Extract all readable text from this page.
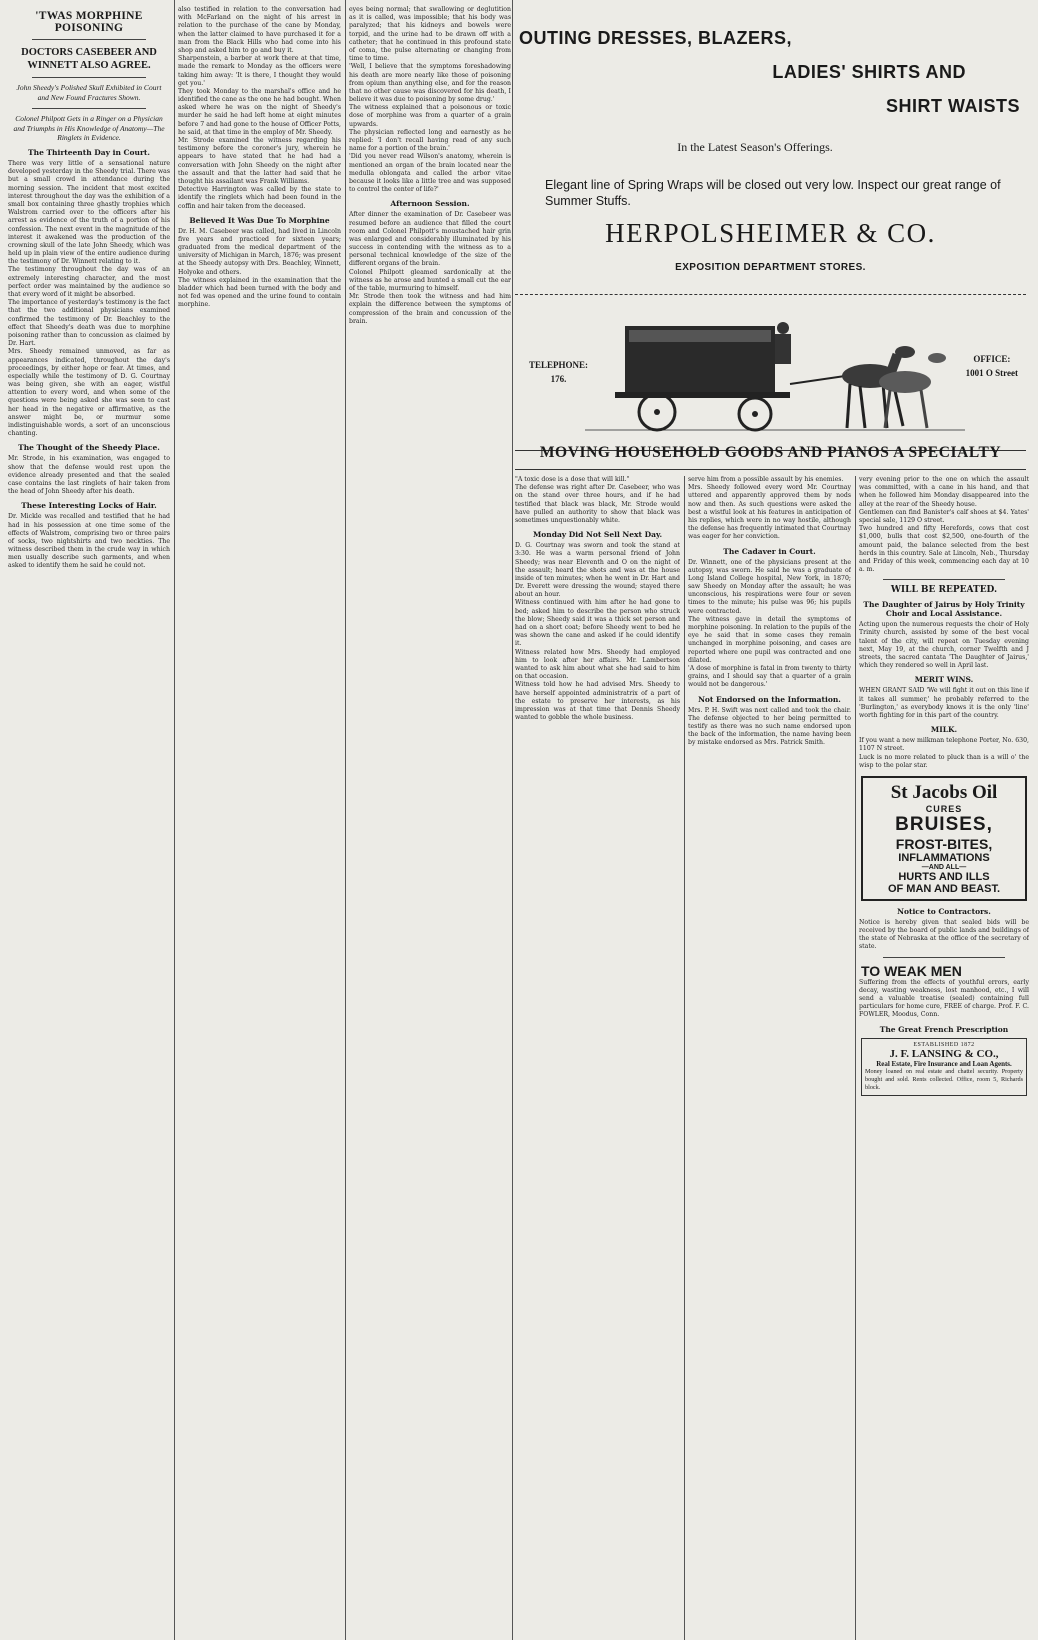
'TWAS MORPHINE POISONING
DOCTORS CASEBEER AND WINNETT ALSO AGREE.
John Sheedy's Polished Skull Exhibited in Court and New Found Fractures Shown.
Colonel Philpott Gets in a Ringer on a Physician and Triumphs in His Knowledge of Anatomy—The Ringlets in Evidence.
The Thirteenth Day in Court.

There was very little of a sensational nature developed yesterday in the Sheedy trial. There was but a small crowd in attendance during the morning session. The incident that most excited interest throughout the day was the exhibition of a small box containing three ghastly trophies which Walstrom carried over to the officers after his arrest as evidence of the truth of a portion of his confession. The next event in the magnitude of the interest it awakened was the production of the crowning skull of the late John Sheedy, which was held up in plain view of the entire audience during the testimony of Dr. Winnett relating to it.

The testimony throughout the day was of an extremely interesting character, and the most perfect order was maintained by the audience so that every word of it might be absorbed.

The importance of yesterday's testimony is the fact that the two additional physicians examined confirmed the testimony of Dr. Beachley to the effect that Sheedy's death was due to morphine poisoning rather than to concussion as claimed by Dr. Hart.

Mrs. Sheedy remained unmoved, as far as appearances indicated, throughout the day's proceedings, by either hope or fear. At times, and especially while the testimony of D. G. Courtnay was being given, she with an eager, wistful attention to every word, and when some of the questions were being asked she was seen to cast her head in the negative or affirmative, as the answer might be, or murmur some indistinguishable words, a sort of an unconscious chanting.

The Thought of the Sheedy Place.

Mr. Strode, in his examination, was engaged to show that the defense would rest upon the evidence already presented and that the sealed case contains the last ringlets of hair taken from the head of John Sheedy after his death.

These Interesting Locks of Hair.

Dr. Mickle was recalled and testified that he had had in his possession at one time some of the effects of Walstrom, comprising two or three pairs of socks, two nightshirts and two neckties. The witness described them in the crude way in which men usually describe such garments, and when asked to identify them he said he could not.

also testified in relation to the conversation had with McFarland on the night of his arrest in relation to the purchase of the cane by Monday, when the latter claimed to have purchased it for a man from the Black Hills who had come into his shop and asked him to go and buy it.

Sharpenstein, a barber at work there at that time, made the remark to Monday as the officers were taking him away: 'It is there, I thought they would get you.'

They took Monday to the marshal's office and he identified the cane as the one he had bought. When asked where he was on the night of Sheedy's murder he said he had left home at eight minutes before 7 and had gone to the house of Officer Potts, he said, at that time in the employ of Mr. Sheedy.

Mr. Strode examined the witness regarding his testimony before the coroner's jury, wherein he appears to have stated that he had had a conversation with John Sheedy on the night after the assault and that the latter had said that he thought his assailant was Frank Williams.

Detective Harrington was called by the state to identify the ringlets which had been found in the coffin and hair taken from the deceased.

Believed It Was Due To Morphine

Dr. H. M. Casebeer was called, had lived in Lincoln five years and practiced for sixteen years; graduated from the medical department of the university of Michigan in March, 1876; was present at the Sheedy autopsy with Drs. Beachley, Winnett, Holyoke and others.

The witness explained in the examination that the bladder which had been turned with the body and not fed was opened and the urine found to contain morphine.

eyes being normal; that swallowing or deglutition as it is called, was impossible; that his body was paralyzed; that his kidneys and bowels were torpid, and the urine had to be drawn off with a catheter; that he continued in this profound state of coma, the pulse alternating or changing from time to time.

'Well, I believe that the symptoms foreshadowing his death are more nearly like those of poisoning from opium than anything else, and for the reason that no other cause was discovered for his death, I believe it was due to poisoning by some drug.'

The witness explained that a poisonous or toxic dose of morphine was from a quarter of a grain upwards.

The physician reflected long and earnestly as he replied: 'I don't recall having read of any such name for a portion of the brain.'

'Did you never read Wilson's anatomy, wherein is mentioned an organ of the brain located near the medulla oblongata and called the arbor vitae because it looks like a little tree and was supposed to control the center of life?'

Afternoon Session.

After dinner the examination of Dr. Casebeer was resumed before an audience that filled the court room and Colonel Philpott's moustached hair grin was enlarged and considerably illuminated by his success in contending with the witness as to a personal technical knowledge of the size of the different organs of the brain.

Colonel Philpott gleamed sardonically at the witness as he arose and hunted a small cut the ear of the table, murmuring to himself.

Mr. Strode then took the witness and had him explain the difference between the symptoms of compression of the brain and concussion of the brain.

OUTING DRESSES, BLAZERS,
LADIES' SHIRTS AND
SHIRT WAISTS
In the Latest Season's Offerings.
Elegant line of Spring Wraps will be closed out very low. Inspect our great range of Summer Stuffs.
HERPOLSHEIMER & CO.
EXPOSITION DEPARTMENT STORES.
TELEPHONE:
176.
OFFICE:
1001 O Street
MOVING HOUSEHOLD GOODS AND PIANOS A SPECIALTY

"A toxic dose is a dose that will kill."

The defense was right after Dr. Casebeer, who was on the stand over three hours, and if he had testified that black was black, Mr. Strode would have pulled an authority to show that black was sometimes unquestionably white.

Monday Did Not Sell Next Day.

D. G. Courtnay was sworn and took the stand at 3:30. He was a warm personal friend of John Sheedy; was near Eleventh and O on the night of the assault; heard the shots and was at the house inside of ten minutes; when he went in Dr. Hart and Dr. Everett were dressing the wound; stayed there about an hour.

Witness continued with him after he had gone to bed; asked him to describe the person who struck the blow; Sheedy said it was a thick set person and had on a short coat; before Sheedy went to bed he was shown the cane and asked if he could identify it.

Witness related how Mrs. Sheedy had employed him to look after her affairs. Mr. Lambertson wanted to ask him about what she had said to him on that occasion.

Witness told how he had advised Mrs. Sheedy to have herself appointed administratrix of a part of the estate to preserve her interests, as his impression was at that time that Dennis Sheedy wanted to gobble the whole business.

serve him from a possible assault by his enemies.

Mrs. Sheedy followed every word Mr. Courtnay uttered and apparently approved them by nods now and then. As such questions were asked the best a wistful look at his features in anticipation of his replies, which were in no way hostile, although the defense has frequently intimated that Courtnay was eager for her conviction.

The Cadaver in Court.

Dr. Winnett, one of the physicians present at the autopsy, was sworn. He said he was a graduate of Long Island College hospital, New York, in 1870; saw Sheedy on Monday after the assault; he was unconscious, his respirations were four or seven times to the minute; his pulse was 96; his pupils were contracted.

The witness gave in detail the symptoms of morphine poisoning. In relation to the pupils of the eye he said that in some cases they remain unchanged in morphine poisoning, and cases are reported where one pupil was contracted and one dilated.

'A dose of morphine is fatal in from twenty to thirty grains, and I should say that a quarter of a grain would not be dangerous.'

Not Endorsed on the Information.

Mrs. P. H. Swift was next called and took the chair. The defense objected to her being permitted to testify as there was no such name endorsed upon the back of the information, the name having been by mistake endorsed as Mrs. Patrick Smith.

very evening prior to the one on which the assault was committed, with a cane in his hand, and that when he followed him Monday disappeared into the alley at the rear of the Sheedy house.

Gentlemen can find Banister's calf shoes at $4. Yates' special sale, 1129 O street.

Two hundred and fifty Herefords, cows that cost $1,000, bulls that cost $2,500, one-fourth of the amount paid, the balance selected from the best herds in this country. Sale at Lincoln, Neb., Thursday and Friday of this week, commencing each day at 10 a. m.

WILL BE REPEATED.
The Daughter of Jairus by Holy Trinity Choir and Local Assistance.

Acting upon the numerous requests the choir of Holy Trinity church, assisted by some of the best vocal talent of the city, will repeat on Tuesday evening next, May 19, at the church, corner Twelfth and J streets, the sacred cantata 'The Daughter of Jairus,' which they rendered so well in April last.

MERIT WINS.

WHEN GRANT SAID 'We will fight it out on this line if it takes all summer,' he probably referred to the 'Burlington,' as everybody knows it is the only 'line' worth fighting for in this part of the country.

MILK.

If you want a new milkman telephone Porter, No. 630, 1107 N street.

Luck is no more related to pluck than is a will o' the wisp to the polar star.

St Jacobs Oil
CURES
BRUISES,
FROST-BITES,
INFLAMMATIONS
—AND ALL—
HURTS AND ILLS
OF MAN AND BEAST.
Notice to Contractors.

Notice is hereby given that sealed bids will be received by the board of public lands and buildings of the state of Nebraska at the office of the secretary of state.

TO WEAK MEN

Suffering from the effects of youthful errors, early decay, wasting weakness, lost manhood, etc., I will send a valuable treatise (sealed) containing full particulars for home cure, FREE of charge. Prof. F. C. FOWLER, Moodus, Conn.

The Great French Prescription
ESTABLISHED 1872
J. F. LANSING & CO.,
Real Estate, Fire Insurance and Loan Agents.

Money loaned on real estate and chattel security. Property bought and sold. Rents collected. Office, room 5, Richards block.
